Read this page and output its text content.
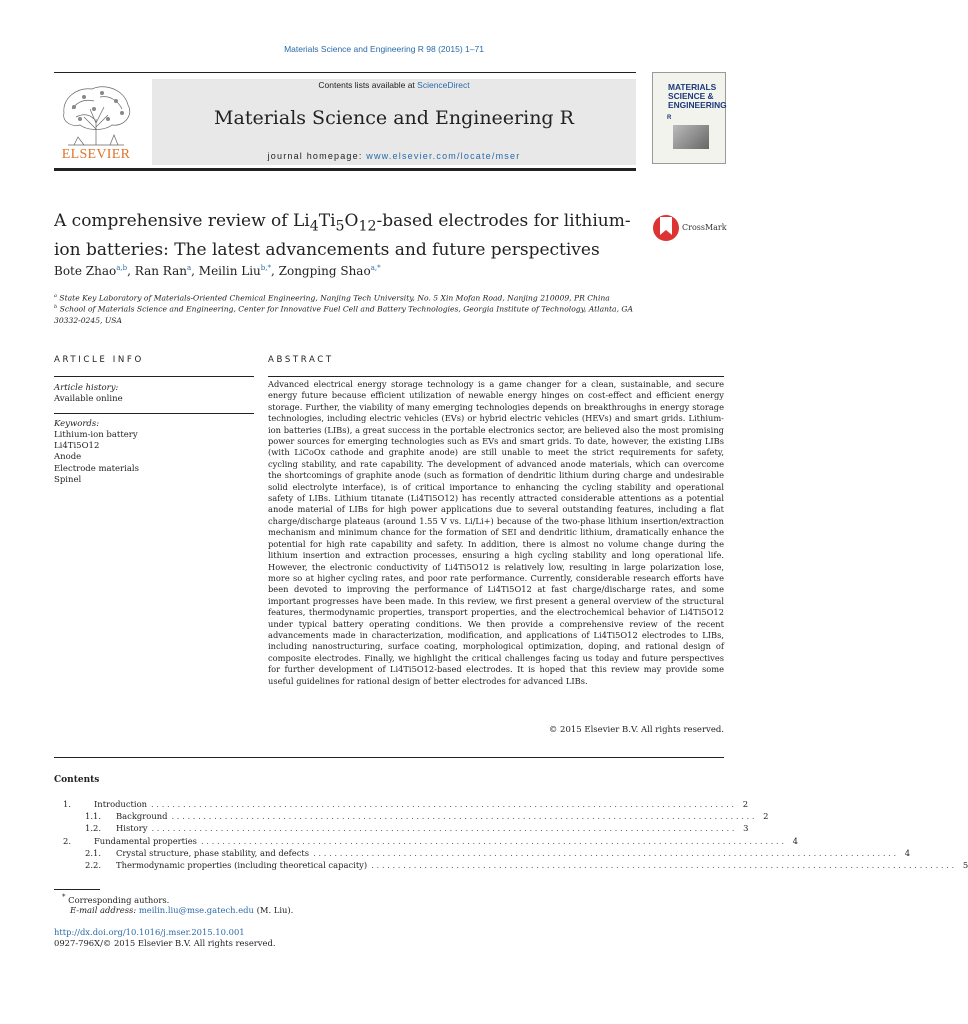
Materials Science and Engineering R 98 (2015) 1–71
ELSEVIER
Contents lists available at ScienceDirect
Materials Science and Engineering R
journal homepage: www.elsevier.com/locate/mser
MATERIALS
SCIENCE &
ENGINEERING
R
A comprehensive review of $Li_4Ti_5O_{12}$-based electrodes for lithium-ion batteries: The latest advancements and future perspectives
CrossMark
Bote Zhao$^{a,b}$, Ran Ran$^a$, Meilin Liu$^{b,*}$, Zongping Shao$^{a,*}$
$^a$ State Key Laboratory of Materials-Oriented Chemical Engineering, Nanjing Tech University, No. 5 Xin Mofan Road, Nanjing 210009, PR China
$^b$ School of Materials Science and Engineering, Center for Innovative Fuel Cell and Battery Technologies, Georgia Institute of Technology, Atlanta, GA 30332-0245, USA
ARTICLE INFO
Article history:
Available online
Keywords:
Lithium-ion battery
Li4Ti5O12
Anode
Electrode materials
Spinel
ABSTRACT
Advanced electrical energy storage technology is a game changer for a clean, sustainable, and secure energy future because efficient utilization of newable energy hinges on cost-effect and efficient energy storage. Further, the viability of many emerging technologies depends on breakthroughs in energy storage technologies, including electric vehicles (EVs) or hybrid electric vehicles (HEVs) and smart grids. Lithium-ion batteries (LIBs), a great success in the portable electronics sector, are believed also the most promising power sources for emerging technologies such as EVs and smart grids. To date, however, the existing LIBs (with LiCoOx cathode and graphite anode) are still unable to meet the strict requirements for safety, cycling stability, and rate capability. The development of advanced anode materials, which can overcome the shortcomings of graphite anode (such as formation of dendritic lithium during charge and undesirable solid electrolyte interface), is of critical importance to enhancing the cycling stability and operational safety of LIBs. Lithium titanate (Li4Ti5O12) has recently attracted considerable attentions as a potential anode material of LIBs for high power applications due to several outstanding features, including a flat charge/discharge plateaus (around 1.55 V vs. Li/Li+) because of the two-phase lithium insertion/extraction mechanism and minimum chance for the formation of SEI and dendritic lithium, dramatically enhance the potential for high rate capability and safety. In addition, there is almost no volume change during the lithium insertion and extraction processes, ensuring a high cycling stability and long operational life. However, the electronic conductivity of Li4Ti5O12 is relatively low, resulting in large polarization lose, more so at higher cycling rates, and poor rate performance. Currently, considerable research efforts have been devoted to improving the performance of Li4Ti5O12 at fast charge/discharge rates, and some important progresses have been made. In this review, we first present a general overview of the structural features, thermodynamic properties, transport properties, and the electrochemical behavior of Li4Ti5O12 under typical battery operating conditions. We then provide a comprehensive review of the recent advancements made in characterization, modification, and applications of Li4Ti5O12 electrodes to LIBs, including nanostructuring, surface coating, morphological optimization, doping, and rational design of composite electrodes. Finally, we highlight the critical challenges facing us today and future perspectives for further development of Li4Ti5O12-based electrodes. It is hoped that this review may provide some useful guidelines for rational design of better electrodes for advanced LIBs.
© 2015 Elsevier B.V. All rights reserved.
Contents
1.	Introduction . . . . . . . . . . . . . . . . . . . . . . . . . . . . . . . . . . . . . . . . . . . . . . . . . . . . . . . . . . . . . . . . . . . . . . . . . . . . . . . . . . . . . . . . . . . . . . . . . . . . . . . . . . . . . .	2
1.1.	Background . . . . . . . . . . . . . . . . . . . . . . . . . . . . . . . . . . . . . . . . . . . . . . . . . . . . . . . . . . . . . . . . . . . . . . . . . . . . . . . . . . . . . . . . . . . . . . . . . . . . . . . . . . . . . .	2
1.2.	History . . . . . . . . . . . . . . . . . . . . . . . . . . . . . . . . . . . . . . . . . . . . . . . . . . . . . . . . . . . . . . . . . . . . . . . . . . . . . . . . . . . . . . . . . . . . . . . . . . . . . . . . . . . . . .	3
2.	Fundamental properties . . . . . . . . . . . . . . . . . . . . . . . . . . . . . . . . . . . . . . . . . . . . . . . . . . . . . . . . . . . . . . . . . . . . . . . . . . . . . . . . . . . . . . . . . . . . . . . . . . . . . . . . . . . . . .	4
2.1.	Crystal structure, phase stability, and defects . . . . . . . . . . . . . . . . . . . . . . . . . . . . . . . . . . . . . . . . . . . . . . . . . . . . . . . . . . . . . . . . . . . . . . . . . . . . . . . . . . . . . . . . . . . . . . . . . . . . . . . . . . . . . .	4
2.2.	Thermodynamic properties (including theoretical capacity) . . . . . . . . . . . . . . . . . . . . . . . . . . . . . . . . . . . . . . . . . . . . . . . . . . . . . . . . . . . . . . . . . . . . . . . . . . . . . . . . . . . . . . . . . . . . . . . . . . . . . . . . . . . . . .	5
* Corresponding authors.
E-mail address: meilin.liu@mse.gatech.edu (M. Liu).
http://dx.doi.org/10.1016/j.mser.2015.10.001
0927-796X/© 2015 Elsevier B.V. All rights reserved.
